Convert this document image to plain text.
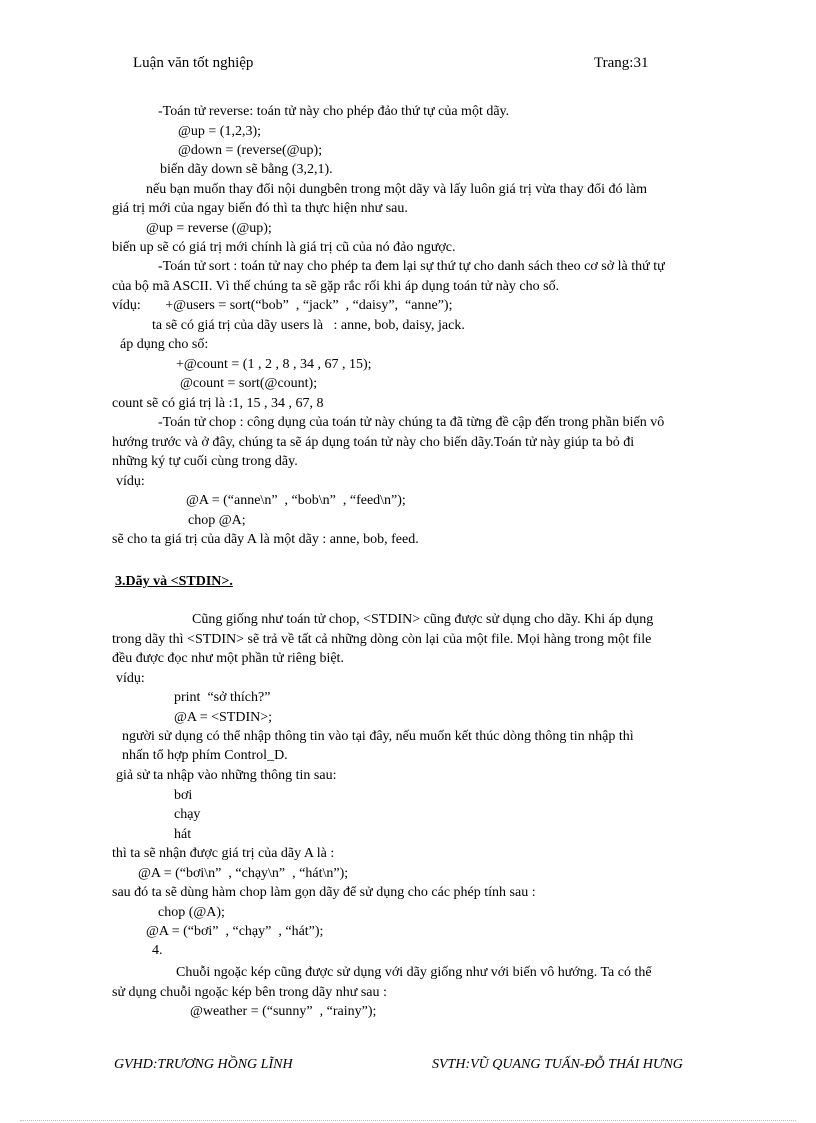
Luận văn tốt nghiệp	Trang:31
-Toán tử reverse: toán tử này cho phép đảo thứ tự của một dãy.
@up = (1,2,3);
@down = (reverse(@up);
biến dãy down sẽ bằng (3,2,1).
nếu bạn muốn thay đổi nội dungbên trong một dãy và lấy luôn giá trị vừa thay đổi đó làm
giá trị mới của ngay biến đó thì ta thực hiện như sau.
@up = reverse (@up);
biến up sẽ có giá trị mới chính là giá trị cũ của nó đảo ngược.
-Toán tử sort : toán tử nay cho phép ta đem lại sự thứ tự cho danh sách theo cơ sở là thứ tự
của bộ mã ASCII. Vì thế chúng ta sẽ gặp rắc rối khi áp dụng toán tử này cho số.
vídụ:       +@users = sort(“bob”  , “jack”  , “daisy”,  “anne”);
ta sẽ có giá trị của dãy users là   : anne, bob, daisy, jack.
áp dụng cho số:
+@count = (1 , 2 , 8 , 34 , 67 , 15);
@count = sort(@count);
count sẽ có giá trị là :1, 15 , 34 , 67, 8
-Toán tử chop : công dụng của toán tử này chúng ta đã từng đề cập đến trong phần biến vô
hướng trước và ở đây, chúng ta sẽ áp dụng toán tử này cho biến dãy.Toán tử này giúp ta bỏ đi
những ký tự cuối cùng trong dãy.
vídụ:
@A = (“anne\n”  , “bob\n”  , “feed\n”);
chop @A;
sẽ cho ta giá trị của dãy A là một dãy : anne, bob, feed.
3.Dãy và <STDIN>.
Cũng giống như toán tử chop, <STDIN> cũng được sử dụng cho dãy. Khi áp dụng
trong dãy thì <STDIN> sẽ trả về tất cả những dòng còn lại của một file. Mọi hàng trong một file
đều được đọc như một phần tử riêng biệt.
vídụ:
print  “sở thích?”
@A = <STDIN>;
người sử dụng có thể nhập thông tin vào tại đây, nếu muốn kết thúc dòng thông tin nhập thì
nhấn tổ hợp phím Control_D.
giả sử ta nhập vào những thông tin sau:
bơi
chạy
hát
thì ta sẽ nhận được giá trị của dãy A là :
@A = (“bơi\n”  , “chạy\n”  , “hát\n”);
sau đó ta sẽ dùng hàm chop làm gọn dãy để sử dụng cho các phép tính sau :
chop (@A);
@A = (“bơi”  , “chạy”  , “hát”);
4.
Chuỗi ngoặc kép cũng được sử dụng với dãy giống như với biến vô hướng. Ta có thể
sử dụng chuỗi ngoặc kép bên trong dãy như sau :
@weather = (“sunny”  , “rainy”);
GVHD:TRƯƠNG HỒNG LĨNH	SVTH:VŨ QUANG TUẤN-ĐỖ THÁI HƯNG
